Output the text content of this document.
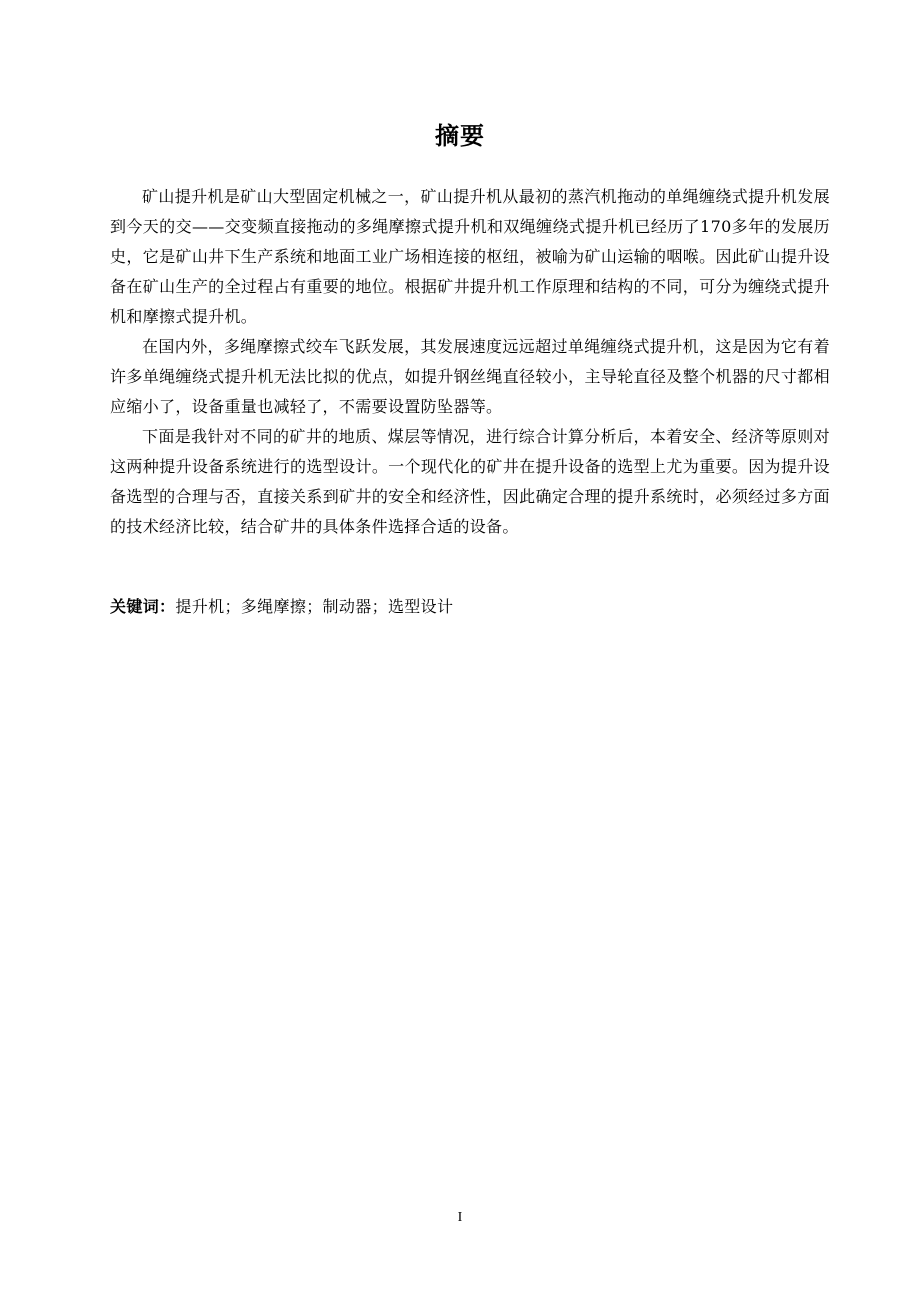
摘要

矿山提升机是矿山大型固定机械之一，矿山提升机从最初的蒸汽机拖动的单绳缠绕式提升机发展到今天的交——交变频直接拖动的多绳摩擦式提升机和双绳缠绕式提升机已经历了170多年的发展历史，它是矿山井下生产系统和地面工业广场相连接的枢纽，被喻为矿山运输的咽喉。因此矿山提升设备在矿山生产的全过程占有重要的地位。根据矿井提升机工作原理和结构的不同，可分为缠绕式提升机和摩擦式提升机。

在国内外，多绳摩擦式绞车飞跃发展，其发展速度远远超过单绳缠绕式提升机，这是因为它有着许多单绳缠绕式提升机无法比拟的优点，如提升钢丝绳直径较小，主导轮直径及整个机器的尺寸都相应缩小了，设备重量也减轻了，不需要设置防坠器等。

下面是我针对不同的矿井的地质、煤层等情况，进行综合计算分析后，本着安全、经济等原则对这两种提升设备系统进行的选型设计。一个现代化的矿井在提升设备的选型上尤为重要。因为提升设备选型的合理与否，直接关系到矿井的安全和经济性，因此确定合理的提升系统时，必须经过多方面的技术经济比较，结合矿井的具体条件选择合适的设备。

关键词：提升机；多绳摩擦；制动器；选型设计
I
